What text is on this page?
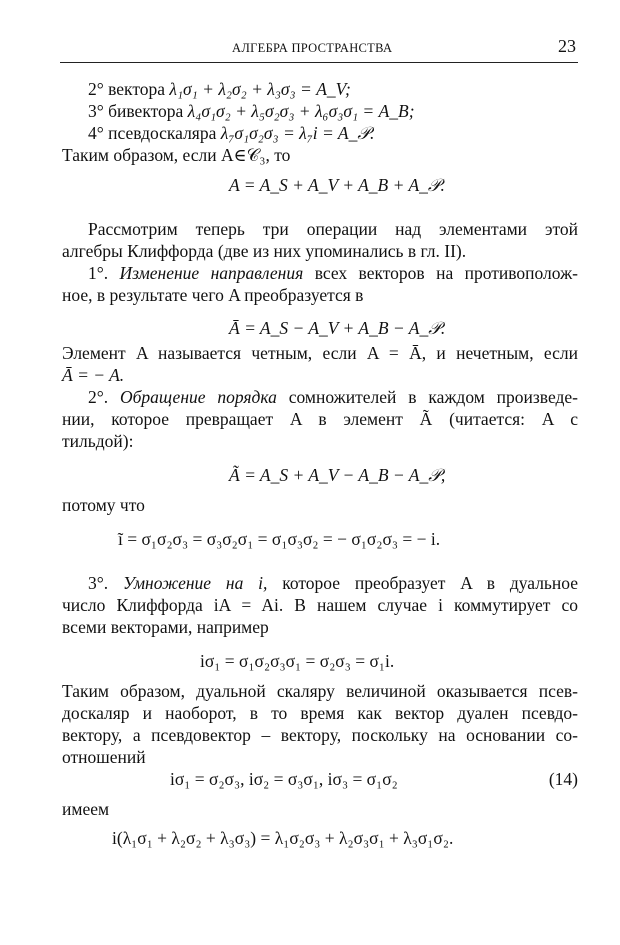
АЛГЕБРА ПРОСТРАНСТВА	23
2° вектора λ₁σ₁ + λ₂σ₂ + λ₃σ₃ = A_V;
3° бивектора λ₄σ₁σ₂ + λ₅σ₂σ₃ + λ₆σ₃σ₁ = A_B;
4° псевдоскаляра λ₇σ₁σ₂σ₃ = λ₇i = A_𝒫.
Таким образом, если A∈𝒞₃, то
A = A_S + A_V + A_B + A_𝒫.
Рассмотрим теперь три операции над элементами этой
алгебры Клиффорда (две из них упоминались в гл. II).
1°. Изменение направления всех векторов на противополож-
ное, в результате чего A преобразуется в
Ā = A_S − A_V + A_B − A_𝒫.
Элемент A называется четным, если A = Ā, и нечетным, если
Ā = − A.
2°. Обращение порядка сомножителей в каждом произведе-
нии, которое превращает A в элемент Ã (читается: A с
тильдой):
Ã = A_S + A_V − A_B − A_𝒫,
потому что
ĩ = σ₁σ₂σ₃ = σ₃σ₂σ₁ = σ₁σ₃σ₂ = − σ₁σ₂σ₃ = − i.
3°. Умножение на i, которое преобразует A в дуальное
число Клиффорда iA = Ai. В нашем случае i коммутирует со
всеми векторами, например
iσ₁ = σ₁σ₂σ₃σ₁ = σ₂σ₃ = σ₁i.
Таким образом, дуальной скаляру величиной оказывается псев-
доскаляр и наоборот, в то время как вектор дуален псевдо-
вектору, а псевдовектор – вектору, поскольку на основании со-
отношений
iσ₁ = σ₂σ₃, iσ₂ = σ₃σ₁, iσ₃ = σ₁σ₂	(14)
имеем
i(λ₁σ₁ + λ₂σ₂ + λ₃σ₃) = λ₁σ₂σ₃ + λ₂σ₃σ₁ + λ₃σ₁σ₂.
